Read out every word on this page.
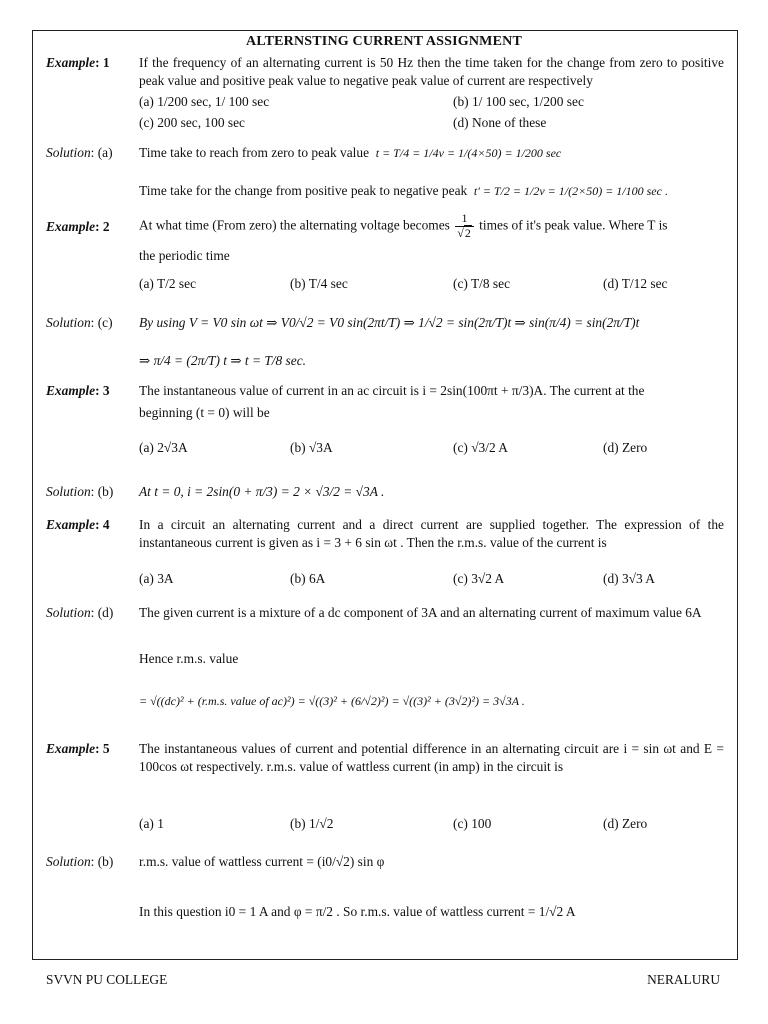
ALTERNSTING CURRENT ASSIGNMENT
Example: 1	If the frequency of an alternating current is 50 Hz then the time taken for the change from zero to positive peak value and positive peak value to negative peak value of current are respectively
(a) 1/200 sec, 1/ 100 sec	(b) 1/ 100 sec, 1/200 sec
(c) 200 sec, 100 sec	(d) None of these
Solution: (a)	Time take to reach from zero to peak value t = T/4 = 1/4ν = 1/(4×50) = 1/200 sec
Time take for the change from positive peak to negative peak t' = T/2 = 1/2ν = 1/(2×50) = 1/100 sec .
Example: 2	At what time (From zero) the alternating voltage becomes $\frac{1}{√2}$ times of it's peak value. Where T is
the periodic time
(a) T/2 sec	(b) T/4 sec	(c) T/8 sec	(d) T/12 sec
Solution: (c)	By using V = V0 sin ωt ⇒ V0/√2 = V0 sin(2πt/T) ⇒ 1/√2 = sin(2π/T)t ⇒ sin(π/4) = sin(2π/T)t
⇒ π/4 = (2π/T) t ⇒ t = T/8 sec.
Example: 3	The instantaneous value of current in an ac circuit is i = 2sin(100πt + π/3)A. The current at the
beginning (t = 0) will be
(a) 2√3A	(b) √3A	(c) √3/2 A	(d) Zero
Solution: (b)	At t = 0, i = 2sin(0 + π/3) = 2 × √3/2 = √3A .
Example: 4	In a circuit an alternating current and a direct current are supplied together. The expression of the instantaneous current is given as i = 3 + 6 sin ωt . Then the r.m.s. value of the current is
(a) 3A	(b) 6A	(c) 3√2 A	(d) 3√3 A
Solution: (d)	The given current is a mixture of a dc component of 3A and an alternating current of maximum value 6A
Hence r.m.s. value
= √((dc)² + (r.m.s. value of ac)²) = √((3)² + (6/√2)²) = √((3)² + (3√2)²) = 3√3A .
Example: 5	The instantaneous values of current and potential difference in an alternating circuit are i = sin ωt and E = 100cos ωt respectively. r.m.s. value of wattless current (in amp) in the circuit is
(a) 1	(b) 1/√2	(c) 100	(d) Zero
Solution: (b)	r.m.s. value of wattless current = (i0/√2) sin φ
In this question i0 = 1 A and φ = π/2 . So r.m.s. value of wattless current = 1/√2 A
SVVN PU COLLEGE	NERALURU
